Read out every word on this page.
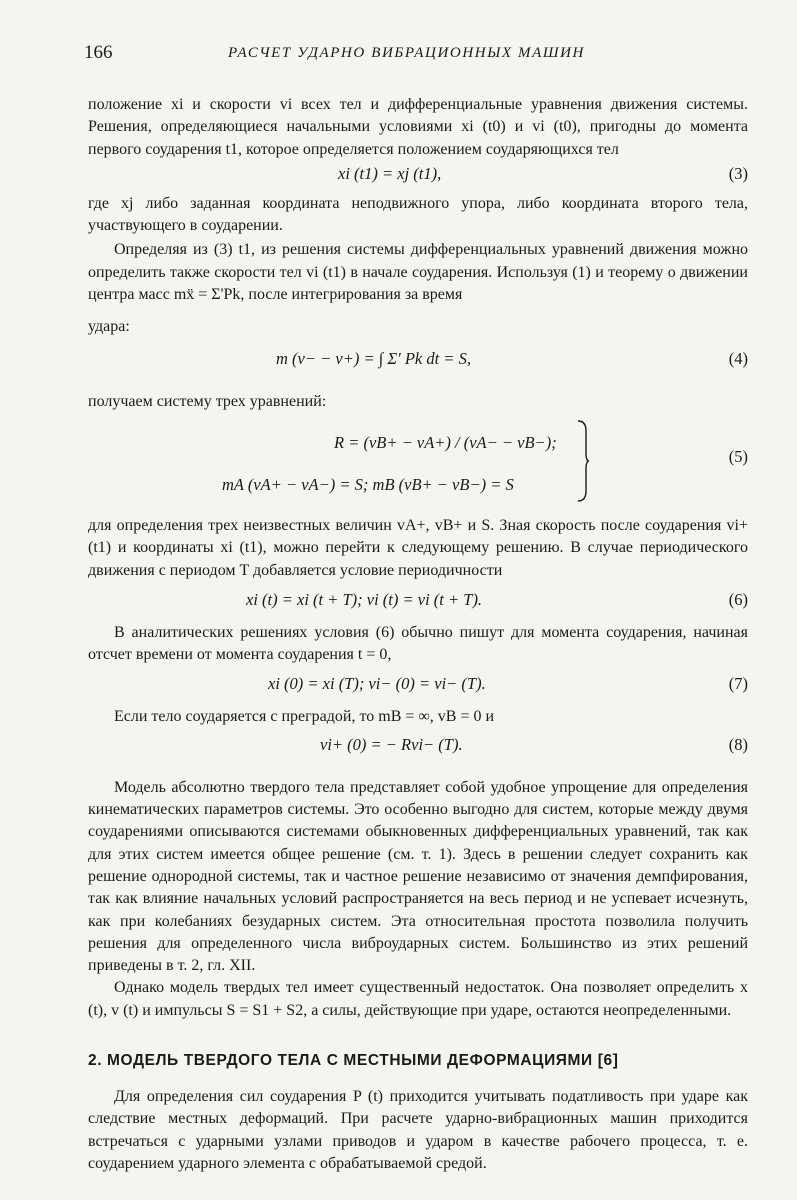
166	РАСЧЕТ УДАРНО ВИБРАЦИОННЫХ МАШИН

положение xi и скорости vi всех тел и дифференциальные уравнения движения системы. Решения, определяющиеся начальными условиями xi (t0) и vi (t0), пригодны до момента первого соударения t1, которое определяется положением соударяющихся тел

xi (t1) = xj (t1),	(3)

где xj либо заданная координата неподвижного упора, либо координата второго тела, участвующего в соударении.

Определяя из (3) t1, из решения системы дифференциальных уравнений движения можно определить также скорости тел vi (t1) в начале соударения. Используя (1) и теорему о движении центра масс mẍ = Σ'Pk, после интегрирования за время

удара:

m (v− − v+) = ∫ Σ' Pk dt = S,	(4)

получаем систему трех уравнений:

R = (vB+ − vA+) / (vA− − vB−);
mA (vA+ − vA−) = S; mB (vB+ − vB−) = S
(5)

для определения трех неизвестных величин vA+, vB+ и S. Зная скорость после соударения vi+ (t1) и координаты xi (t1), можно перейти к следующему решению. В случае периодического движения с периодом T добавляется условие периодичности

xi (t) = xi (t + T); vi (t) = vi (t + T).	(6)

В аналитических решениях условия (6) обычно пишут для момента соударения, начиная отсчет времени от момента соударения t = 0,

xi (0) = xi (T); vi− (0) = vi− (T).	(7)

Если тело соударяется с преградой, то mB = ∞, vB = 0 и

vi+ (0) = − Rvi− (T).	(8)

Модель абсолютно твердого тела представляет собой удобное упрощение для определения кинематических параметров системы. Это особенно выгодно для систем, которые между двумя соударениями описываются системами обыкновенных дифференциальных уравнений, так как для этих систем имеется общее решение (см. т. 1). Здесь в решении следует сохранить как решение однородной системы, так и частное решение независимо от значения демпфирования, так как влияние начальных условий распространяется на весь период и не успевает исчезнуть, как при колебаниях безударных систем. Эта относительная простота позволила получить решения для определенного числа виброударных систем. Большинство из этих решений приведены в т. 2, гл. XII.

Однако модель твердых тел имеет существенный недостаток. Она позволяет определить x (t), v (t) и импульсы S = S1 + S2, а силы, действующие при ударе, остаются неопределенными.

2. МОДЕЛЬ ТВЕРДОГО ТЕЛА С МЕСТНЫМИ ДЕФОРМАЦИЯМИ [6]

Для определения сил соударения P (t) приходится учитывать податливость при ударе как следствие местных деформаций. При расчете ударно-вибрационных машин приходится встречаться с ударными узлами приводов и ударом в качестве рабочего процесса, т. е. соударением ударного элемента с обрабатываемой средой.
